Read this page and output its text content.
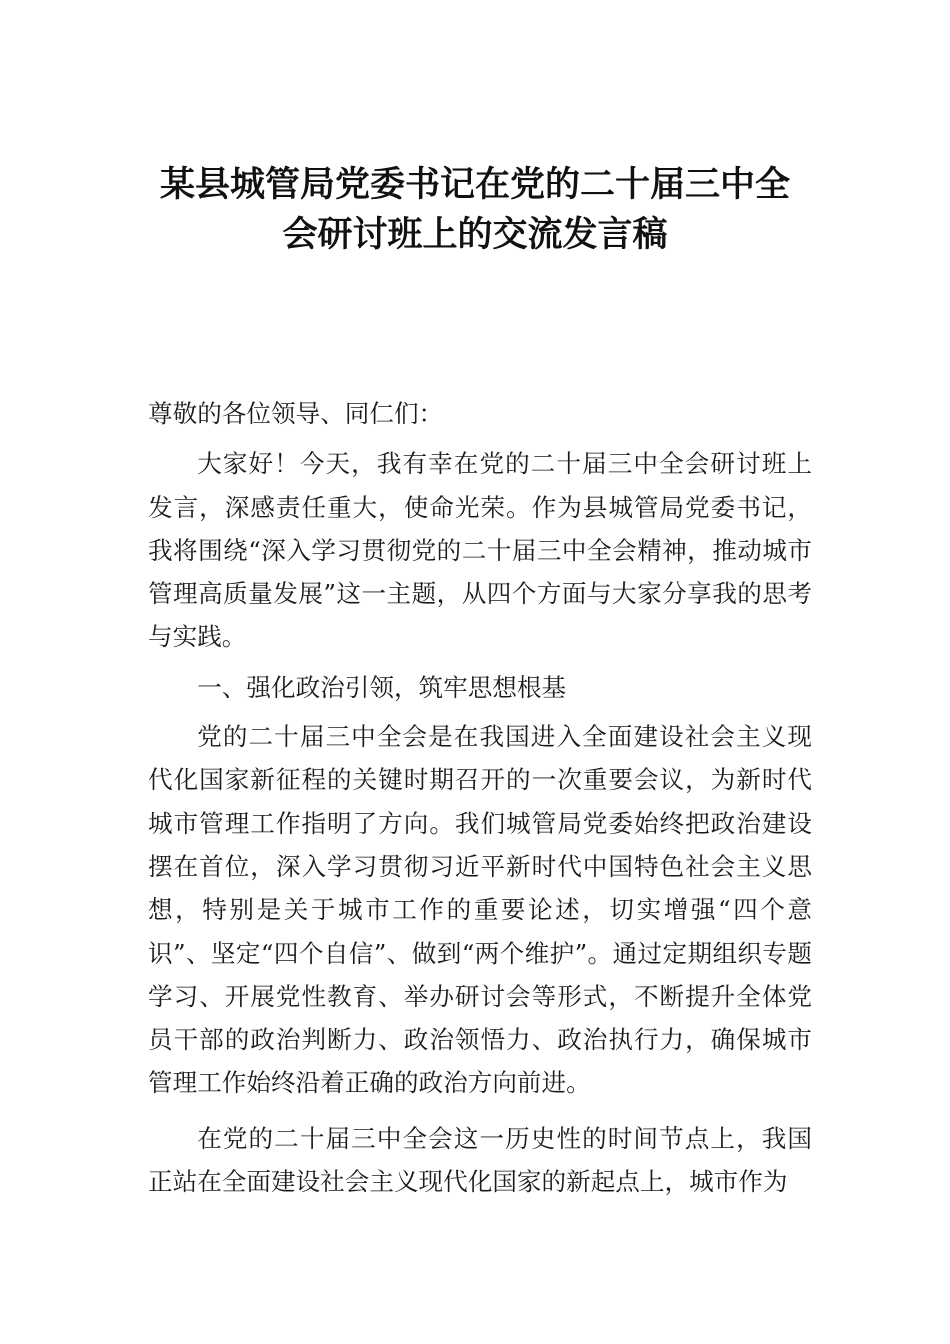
某县城管局党委书记在党的二十届三中全
会研讨班上的交流发言稿

尊敬的各位领导、同仁们：

大家好！今天，我有幸在党的二十届三中全会研讨班上发言，深感责任重大，使命光荣。作为县城管局党委书记，我将围绕“深入学习贯彻党的二十届三中全会精神，推动城市管理高质量发展”这一主题，从四个方面与大家分享我的思考与实践。

一、强化政治引领，筑牢思想根基

党的二十届三中全会是在我国进入全面建设社会主义现代化国家新征程的关键时期召开的一次重要会议，为新时代城市管理工作指明了方向。我们城管局党委始终把政治建设摆在首位，深入学习贯彻习近平新时代中国特色社会主义思想，特别是关于城市工作的重要论述，切实增强“四个意识”、坚定“四个自信”、做到“两个维护”。通过定期组织专题学习、开展党性教育、举办研讨会等形式，不断提升全体党员干部的政治判断力、政治领悟力、政治执行力，确保城市管理工作始终沿着正确的政治方向前进。

在党的二十届三中全会这一历史性的时间节点上，我国正站在全面建设社会主义现代化国家的新起点上，城市作为
